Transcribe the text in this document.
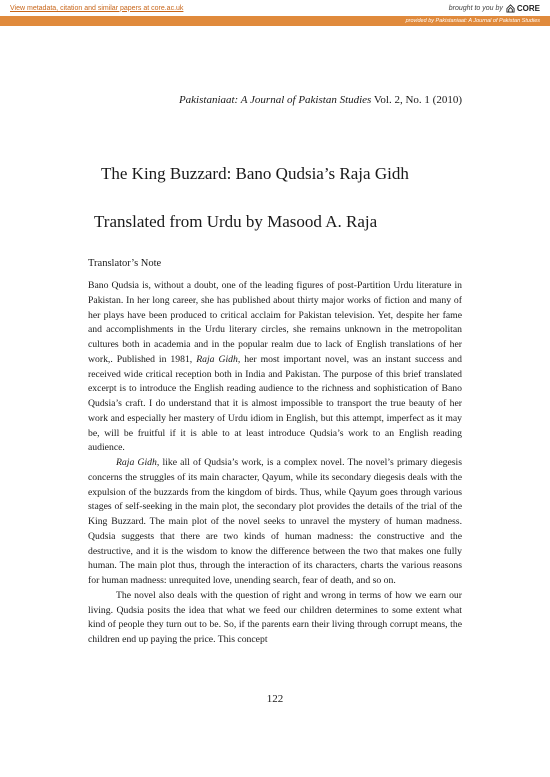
View metadata, citation and similar papers at core.ac.uk	brought to you by CORE
provided by Pakistaniaat: A Journal of Pakistan Studies
Pakistaniaat: A Journal of Pakistan Studies Vol. 2, No. 1 (2010)
The King Buzzard: Bano Qudsia’s Raja Gidh
Translated from Urdu by Masood A. Raja
Translator’s Note

Bano Qudsia is, without a doubt, one of the leading figures of post-Partition Urdu literature in Pakistan. In her long career, she has published about thirty major works of fiction and many of her plays have been produced to critical acclaim for Pakistan television. Yet, despite her fame and accomplishments in the Urdu literary circles, she remains unknown in the metropolitan cultures both in academia and in the popular realm due to lack of English translations of her work,. Published in 1981, Raja Gidh, her most important novel, was an instant success and received wide critical reception both in India and Pakistan. The purpose of this brief translated excerpt is to introduce the English reading audience to the richness and sophistication of Bano Qudsia’s craft. I do understand that it is almost impossible to transport the true beauty of her work and especially her mastery of Urdu idiom in English, but this attempt, imperfect as it may be, will be fruitful if it is able to at least introduce Qudsia’s work to an English reading audience.

Raja Gidh, like all of Qudsia’s work, is a complex novel. The novel’s primary diegesis concerns the struggles of its main character, Qayum, while its secondary diegesis deals with the expulsion of the buzzards from the kingdom of birds. Thus, while Qayum goes through various stages of self-seeking in the main plot, the secondary plot provides the details of the trial of the King Buzzard. The main plot of the novel seeks to unravel the mystery of human madness. Qudsia suggests that there are two kinds of human madness: the constructive and the destructive, and it is the wisdom to know the difference between the two that makes one fully human. The main plot thus, through the interaction of its characters, charts the various reasons for human madness: unrequited love, unending search, fear of death, and so on.

The novel also deals with the question of right and wrong in terms of how we earn our living. Qudsia posits the idea that what we feed our children determines to some extent what kind of people they turn out to be. So, if the parents earn their living through corrupt means, the children end up paying the price. This concept

122
